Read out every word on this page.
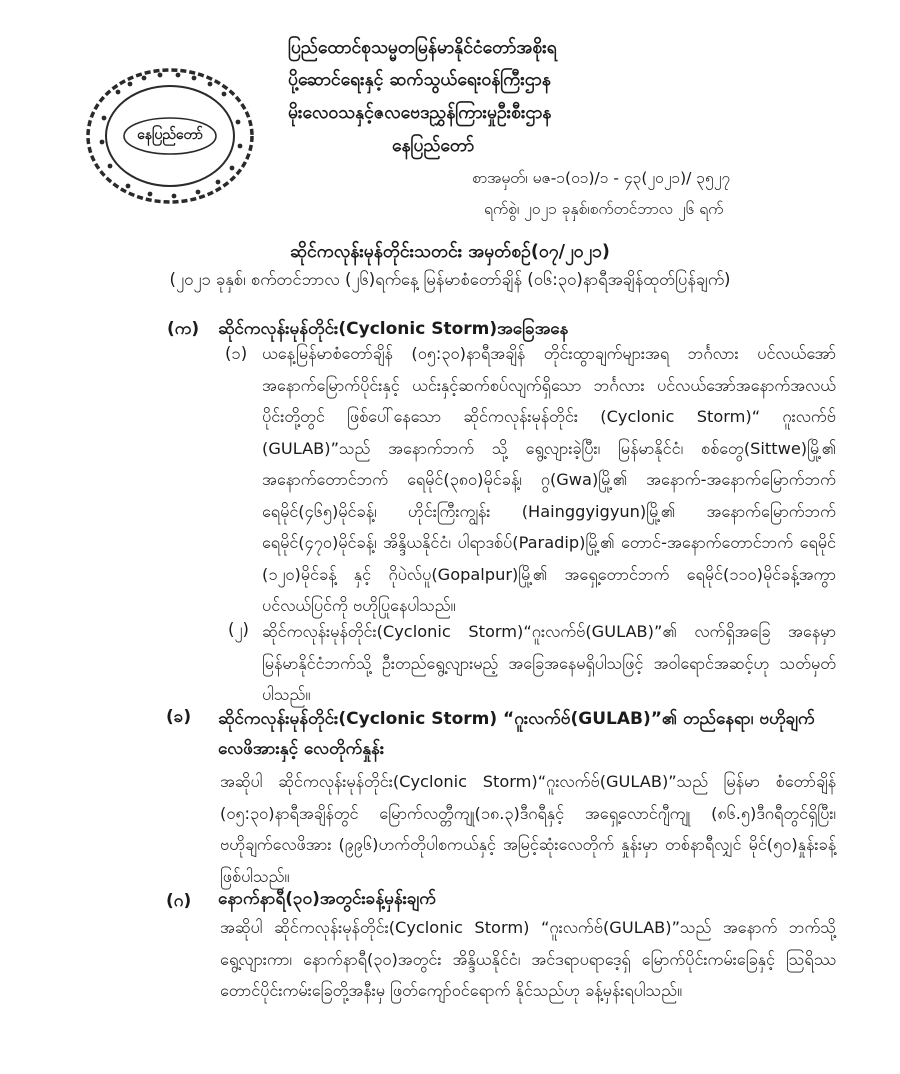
နေပြည်တော်
ပြည်ထောင်စုသမ္မတမြန်မာနိုင်ငံတော်အစိုးရ
ပို့ဆောင်ရေးနှင့် ဆက်သွယ်ရေးဝန်ကြီးဌာန
မိုးလေဝသနှင့်ဇလဗေဒညွှန်ကြားမှုဦးစီးဌာန
နေပြည်တော်
စာအမှတ်၊ မဇ-၁(၀၁)/၁ - ၄၃(၂၀၂၁)/ ၃၅၂၇
ရက်စွဲ၊ ၂၀၂၁ ခုနှစ်၊စက်တင်ဘာလ ၂၆ ရက်
ဆိုင်ကလုန်းမုန်တိုင်းသတင်း အမှတ်စဉ်(၀၇/၂၀၂၁)
(၂၀၂၁ ခုနှစ်၊ စက်တင်ဘာလ (၂၆)ရက်နေ့ မြန်မာစံတော်ချိန် (၀၆:၃၀)နာရီအချိန်ထုတ်ပြန်ချက်)
(က) ဆိုင်ကလုန်းမုန်တိုင်း(Cyclonic Storm)အခြေအနေ
(၁) ယနေ့မြန်မာစံတော်ချိန် (၀၅:၃၀)နာရီအချိန် တိုင်းထွာချက်များအရ ဘင်္ဂလား ပင်လယ်အော်အနောက်မြောက်ပိုင်းနှင့် ယင်းနှင့်ဆက်စပ်လျက်ရှိသော ဘင်္ဂလား ပင်လယ်အော်အနောက်အလယ်ပိုင်းတို့တွင် ဖြစ်ပေါ်နေသော ဆိုင်ကလုန်းမုန်တိုင်း (Cyclonic Storm)“ ဂူးလက်ဗ် (GULAB)”သည် အနောက်ဘက် သို့ ရွေ့လျားခဲ့ပြီး၊ မြန်မာနိုင်ငံ၊ စစ်တွေ(Sittwe)မြို့၏ အနောက်တောင်ဘက် ရေမိုင်(၃၈၀)မိုင်ခန့်၊ ဂွ(Gwa)မြို့၏ အနောက်-အနောက်မြောက်ဘက် ရေမိုင်(၄၆၅)မိုင်ခန့်၊ ဟိုင်းကြီးကျွန်း (Hainggyigyun)မြို့၏ အနောက်မြောက်ဘက် ရေမိုင်(၄၇၀)မိုင်ခန့်၊ အိန္ဒိယနိုင်ငံ၊ ပါရာဒစ်ပ်(Paradip)မြို့၏ တောင်-အနောက်တောင်ဘက် ရေမိုင် (၁၂၀)မိုင်ခန့် နှင့် ဂိုပဲလ်ပူ(Gopalpur)မြို့၏ အရှေ့တောင်ဘက် ရေမိုင်(၁၁၀)မိုင်ခန့်အကွာ ပင်လယ်ပြင်ကို ဗဟိုပြုနေပါသည်။
(၂) ဆိုင်ကလုန်းမုန်တိုင်း(Cyclonic Storm)“ဂူးလက်ဗ်(GULAB)”၏ လက်ရှိအခြေ အနေမှာ မြန်မာနိုင်ငံဘက်သို့ ဦးတည်ရွေ့လျားမည့် အခြေအနေမရှိပါသဖြင့် အဝါရောင်အဆင့်ဟု သတ်မှတ်ပါသည်။
(ခ) ဆိုင်ကလုန်းမုန်တိုင်း(Cyclonic Storm) “ဂူးလက်ဗ်(GULAB)”၏ တည်နေရာ၊ ဗဟိုချက် လေဖိအားနှင့် လေတိုက်နှုန်း
အဆိုပါ ဆိုင်ကလုန်းမုန်တိုင်း(Cyclonic Storm)“ဂူးလက်ဗ်(GULAB)”သည် မြန်မာ စံတော်ချိန် (၀၅:၃၀)နာရီအချိန်တွင် မြောက်လတ္တီကျု(၁၈.၃)ဒီဂရီနှင့် အရှေ့လောင်ဂျီကျု (၈၆.၅)ဒီဂရီတွင်ရှိပြီး၊ ဗဟိုချက်လေဖိအား (၉၉၆)ဟက်တိုပါစကယ်နှင့် အမြင့်ဆုံးလေတိုက် နှုန်းမှာ တစ်နာရီလျှင် မိုင်(၅၀)နှုန်းခန့် ဖြစ်ပါသည်။
(ဂ) နောက်နာရီ(၃၀)အတွင်းခန့်မှန်းချက်
အဆိုပါ ဆိုင်ကလုန်းမုန်တိုင်း(Cyclonic Storm) “ဂူးလက်ဗ်(GULAB)”သည် အနောက် ဘက်သို့ ရွေ့လျားကာ၊ နောက်နာရီ(၃၀)အတွင်း အိန္ဒိယနိုင်ငံ၊ အင်ဒရာပရာဒေ့ရှ် မြောက်ပိုင်းကမ်းခြေနှင့် ဩရိဿတောင်ပိုင်းကမ်းခြေတို့အနီးမှ ဖြတ်ကျော်ဝင်ရောက် နိုင်သည်ဟု ခန့်မှန်းရပါသည်။
